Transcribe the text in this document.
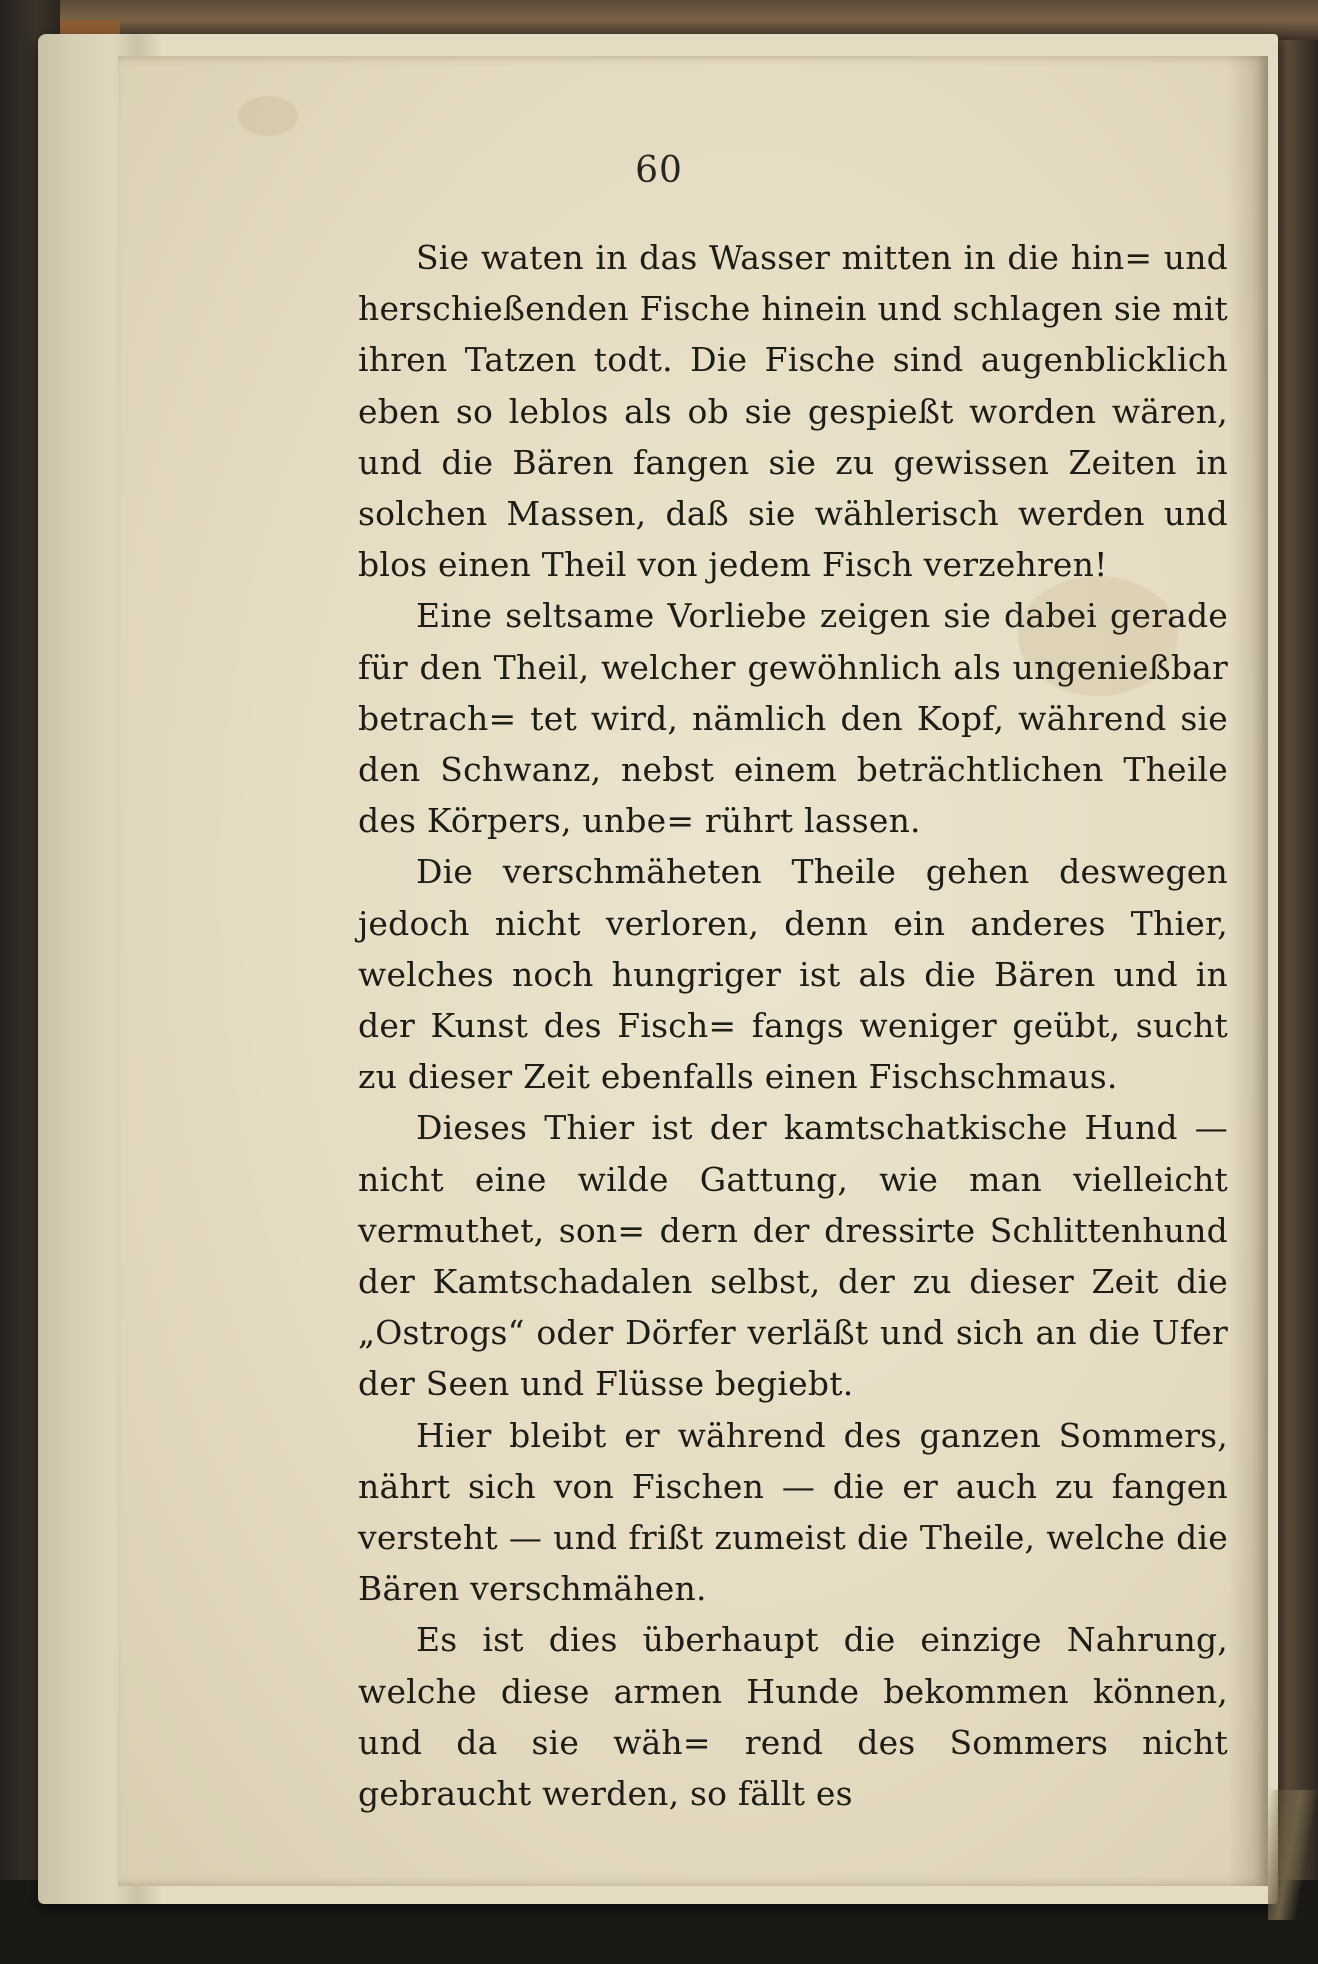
60

Sie waten in das Wasser mitten in die hin= und herschießenden Fische hinein und schlagen sie mit ihren Tatzen todt. Die Fische sind augenblicklich eben so leblos als ob sie gespießt worden wären, und die Bären fangen sie zu gewissen Zeiten in solchen Massen, daß sie wählerisch werden und blos einen Theil von jedem Fisch verzehren!

Eine seltsame Vorliebe zeigen sie dabei gerade für den Theil, welcher gewöhnlich als ungenießbar betrach= tet wird, nämlich den Kopf, während sie den Schwanz, nebst einem beträchtlichen Theile des Körpers, unbe= rührt lassen.

Die verschmäheten Theile gehen deswegen jedoch nicht verloren, denn ein anderes Thier, welches noch hungriger ist als die Bären und in der Kunst des Fisch= fangs weniger geübt, sucht zu dieser Zeit ebenfalls einen Fischschmaus.

Dieses Thier ist der kamtschatkische Hund — nicht eine wilde Gattung, wie man vielleicht vermuthet, son= dern der dressirte Schlittenhund der Kamtschadalen selbst, der zu dieser Zeit die „Ostrogs“ oder Dörfer verläßt und sich an die Ufer der Seen und Flüsse begiebt.

Hier bleibt er während des ganzen Sommers, nährt sich von Fischen — die er auch zu fangen versteht — und frißt zumeist die Theile, welche die Bären verschmähen.

Es ist dies überhaupt die einzige Nahrung, welche diese armen Hunde bekommen können, und da sie wäh= rend des Sommers nicht gebraucht werden, so fällt es
